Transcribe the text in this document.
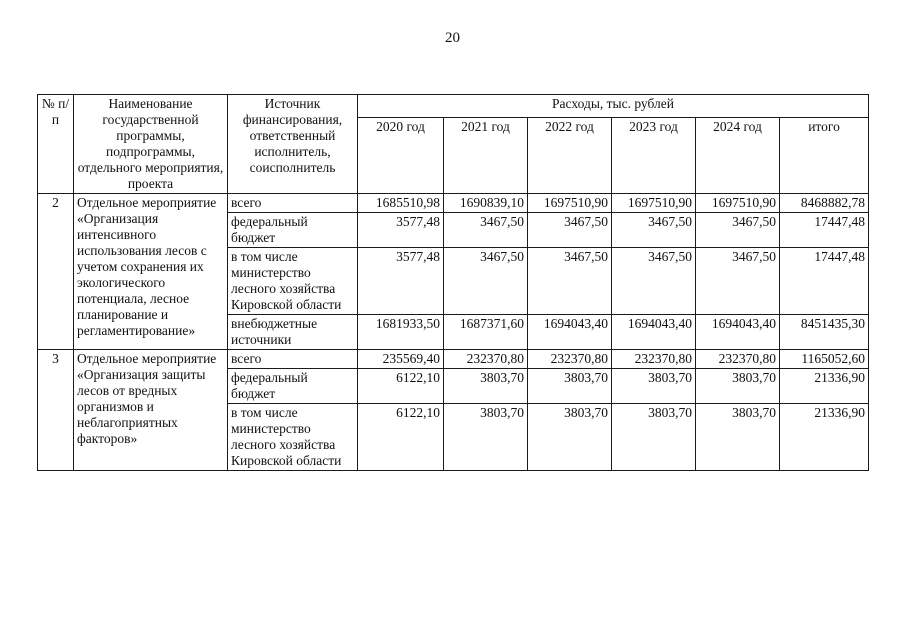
20
№ п/п	Наименование государственной программы, подпрограммы, отдельного мероприятия, проекта	Источник финансирования, ответственный исполнитель, соисполнитель	Расходы, тыс. рублей					
			2020 год	2021 год	2022 год	2023 год	2024 год	итого
2	Отдельное мероприятие «Организация интенсивного использования лесов с учетом сохранения их экологического потенциала, лесное планирование и регламентирование»	всего	1685510,98	1690839,10	1697510,90	1697510,90	1697510,90	8468882,78
		федеральный бюджет	3577,48	3467,50	3467,50	3467,50	3467,50	17447,48
		в том числе министерство лесного хозяйства Кировской области	3577,48	3467,50	3467,50	3467,50	3467,50	17447,48
		внебюджетные источники	1681933,50	1687371,60	1694043,40	1694043,40	1694043,40	8451435,30
3	Отдельное мероприятие «Организация защиты лесов от вредных организмов и неблагоприятных факторов»	всего	235569,40	232370,80	232370,80	232370,80	232370,80	1165052,60
		федеральный бюджет	6122,10	3803,70	3803,70	3803,70	3803,70	21336,90
		в том числе министерство лесного хозяйства Кировской области	6122,10	3803,70	3803,70	3803,70	3803,70	21336,90
